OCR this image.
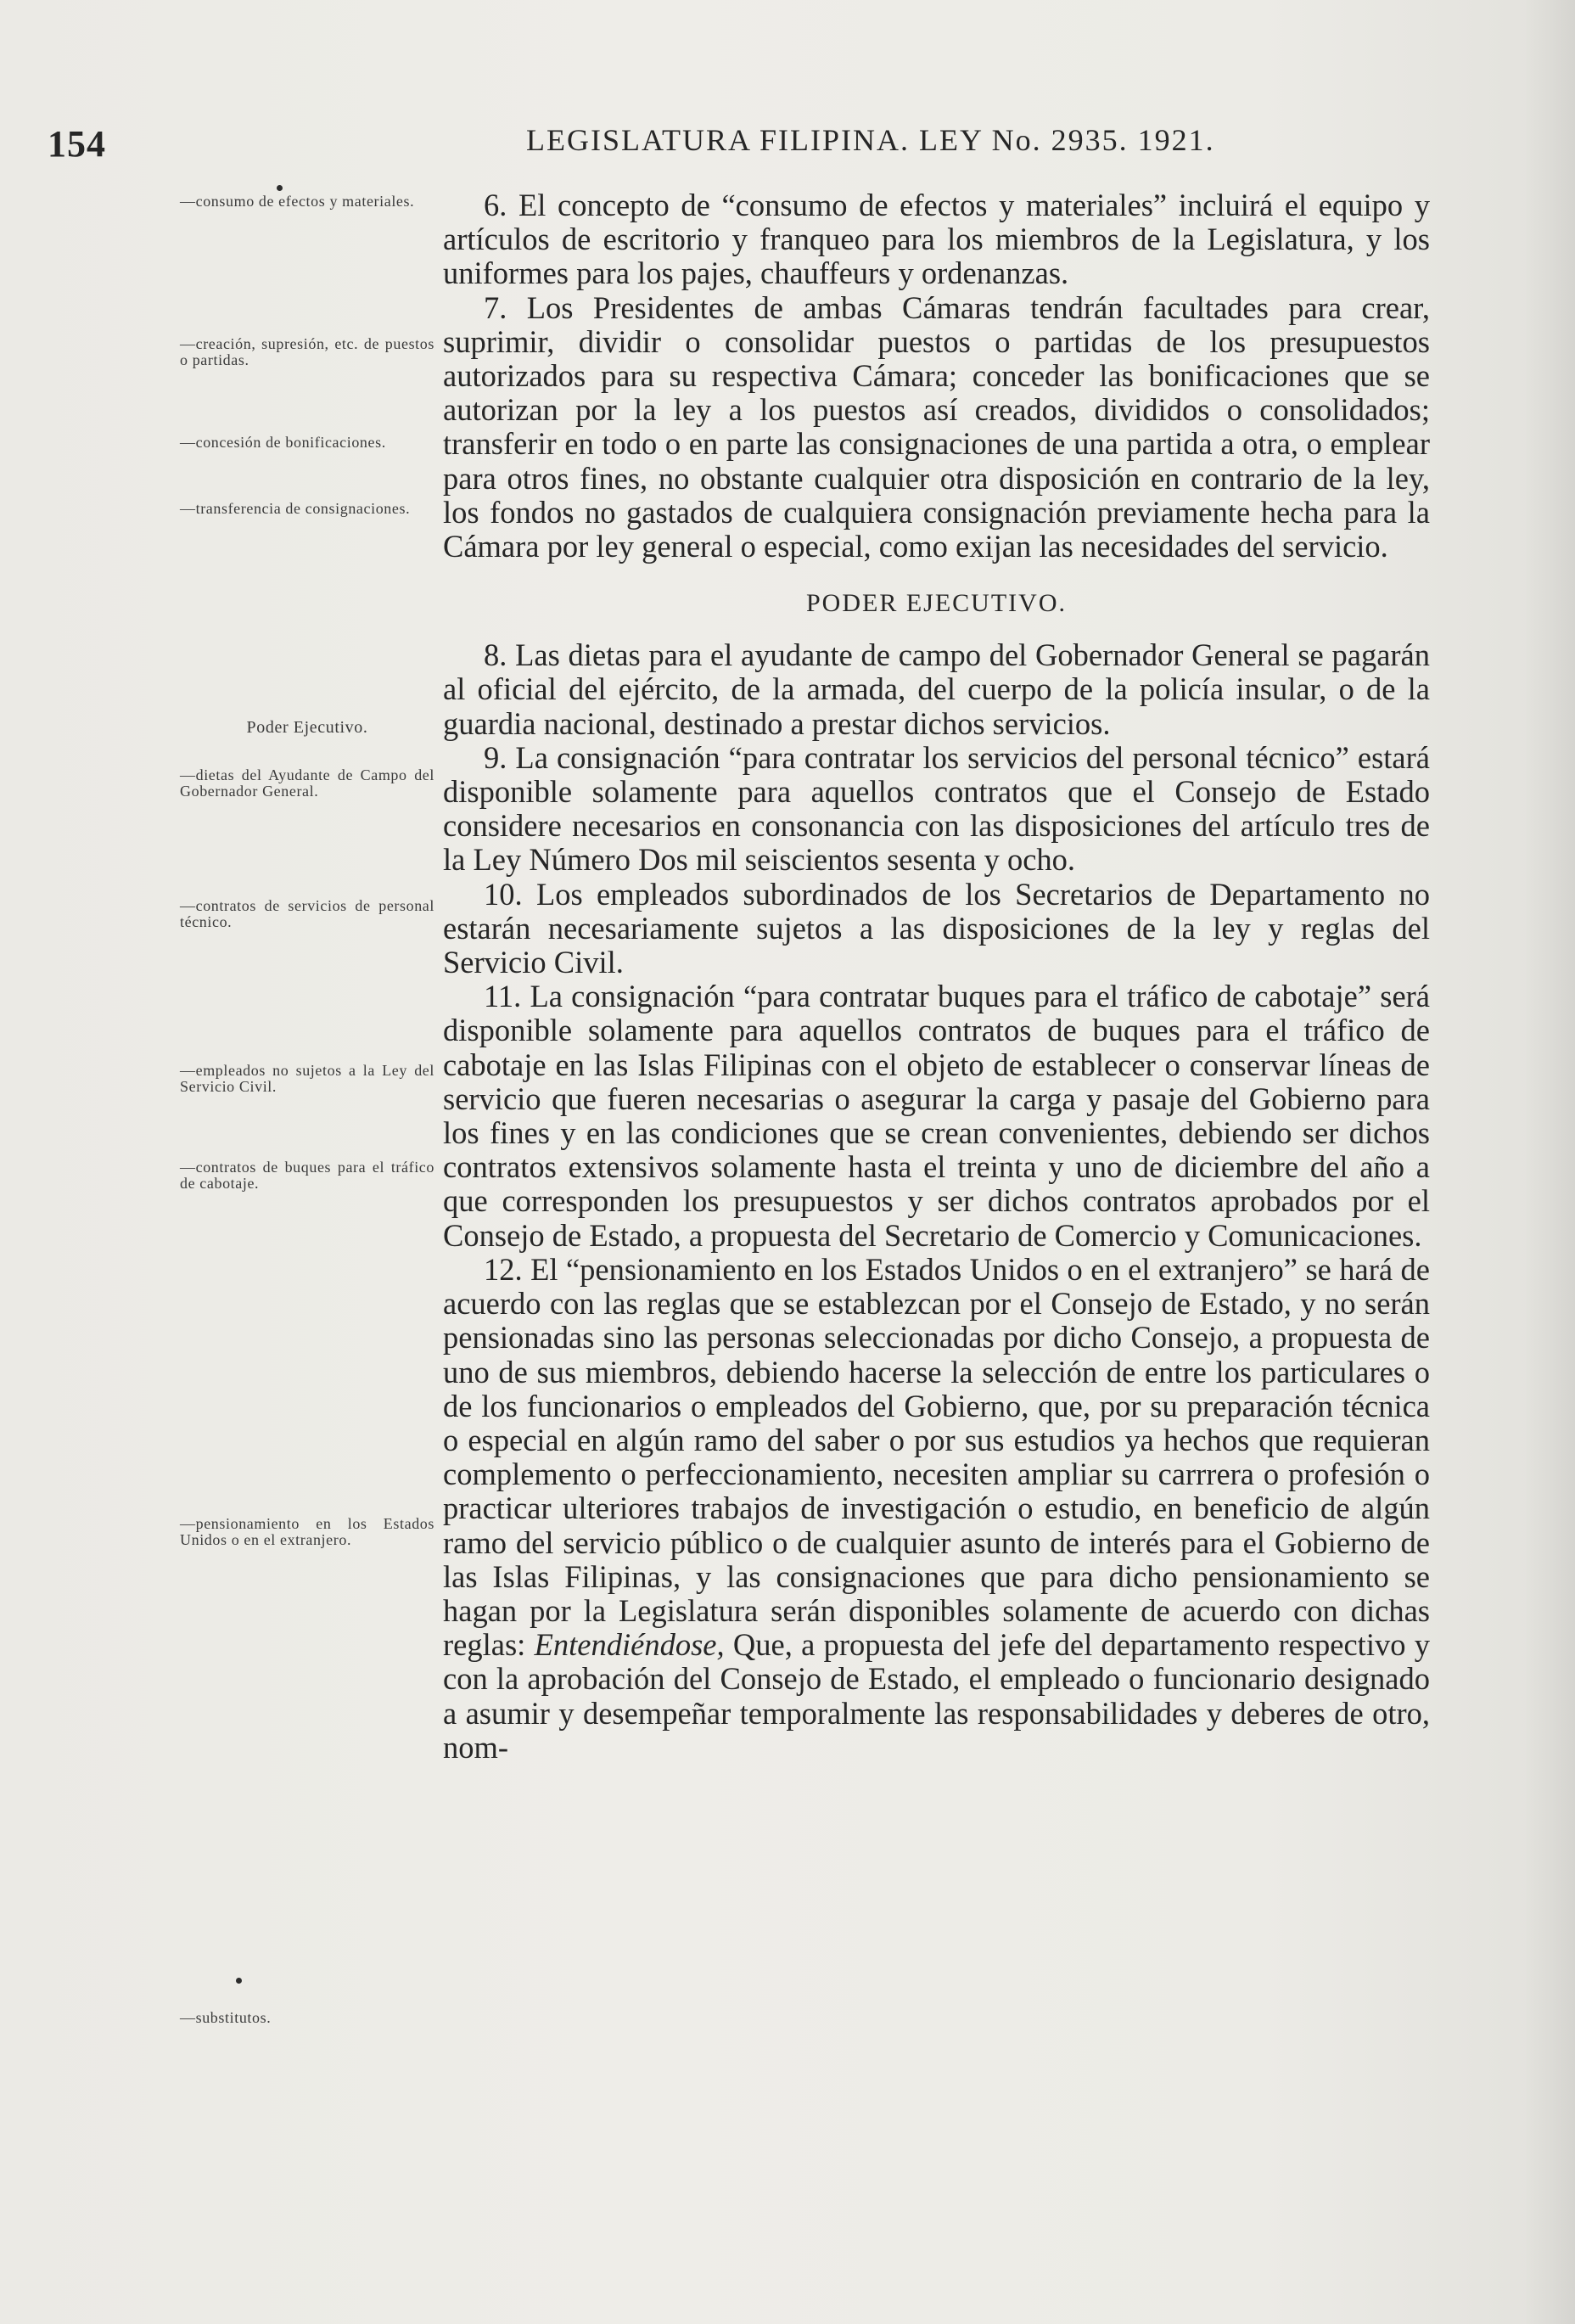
154	LEGISLATURA FILIPINA. LEY No. 2935. 1921.
—consumo de efectos y materiales.
—creación, supresión, etc. de puestos o partidas.
—concesión de bonificaciones.
—transferencia de consignaciones.
Poder Ejecutivo.
—dietas del Ayudante de Campo del Gobernador General.
—contratos de servicios de personal técnico.
—empleados no sujetos a la Ley del Servicio Civil.
—contratos de buques para el tráfico de cabotaje.
—pensionamiento en los Estados Unidos o en el extranjero.
—substitutos.

6. El concepto de “consumo de efectos y materiales” incluirá el equipo y artículos de escritorio y franqueo para los miembros de la Legislatura, y los uniformes para los pajes, chauffeurs y ordenanzas.

7. Los Presidentes de ambas Cámaras tendrán facultades para crear, suprimir, dividir o consolidar puestos o partidas de los presupuestos autorizados para su respectiva Cámara; conceder las bonificaciones que se autorizan por la ley a los puestos así creados, divididos o consolidados; transferir en todo o en parte las consignaciones de una partida a otra, o emplear para otros fines, no obstante cualquier otra disposición en contrario de la ley, los fondos no gastados de cualquiera consignación previamente hecha para la Cámara por ley general o especial, como exijan las necesidades del servicio.

PODER EJECUTIVO.

8. Las dietas para el ayudante de campo del Gobernador General se pagarán al oficial del ejército, de la armada, del cuerpo de la policía insular, o de la guardia nacional, destinado a prestar dichos servicios.

9. La consignación “para contratar los servicios del personal técnico” estará disponible solamente para aquellos contratos que el Consejo de Estado considere necesarios en consonancia con las disposiciones del artículo tres de la Ley Número Dos mil seiscientos sesenta y ocho.

10. Los empleados subordinados de los Secretarios de Departamento no estarán necesariamente sujetos a las disposiciones de la ley y reglas del Servicio Civil.

11. La consignación “para contratar buques para el tráfico de cabotaje” será disponible solamente para aquellos contratos de buques para el tráfico de cabotaje en las Islas Filipinas con el objeto de establecer o conservar líneas de servicio que fueren necesarias o asegurar la carga y pasaje del Gobierno para los fines y en las condiciones que se crean convenientes, debiendo ser dichos contratos extensivos solamente hasta el treinta y uno de diciembre del año a que corresponden los presupuestos y ser dichos contratos aprobados por el Consejo de Estado, a propuesta del Secretario de Comercio y Comunicaciones.

12. El “pensionamiento en los Estados Unidos o en el extranjero” se hará de acuerdo con las reglas que se establezcan por el Consejo de Estado, y no serán pensionadas sino las personas seleccionadas por dicho Consejo, a propuesta de uno de sus miembros, debiendo hacerse la selección de entre los particulares o de los funcionarios o empleados del Gobierno, que, por su preparación técnica o especial en algún ramo del saber o por sus estudios ya hechos que requieran complemento o perfeccionamiento, necesiten ampliar su carrrera o profesión o practicar ulteriores trabajos de investigación o estudio, en beneficio de algún ramo del servicio público o de cualquier asunto de interés para el Gobierno de las Islas Filipinas, y las consignaciones que para dicho pensionamiento se hagan por la Legislatura serán disponibles solamente de acuerdo con dichas reglas: Entendiéndose, Que, a propuesta del jefe del departamento respectivo y con la aprobación del Consejo de Estado, el empleado o funcionario designado a asumir y desempeñar temporalmente las responsabilidades y deberes de otro, nom-
